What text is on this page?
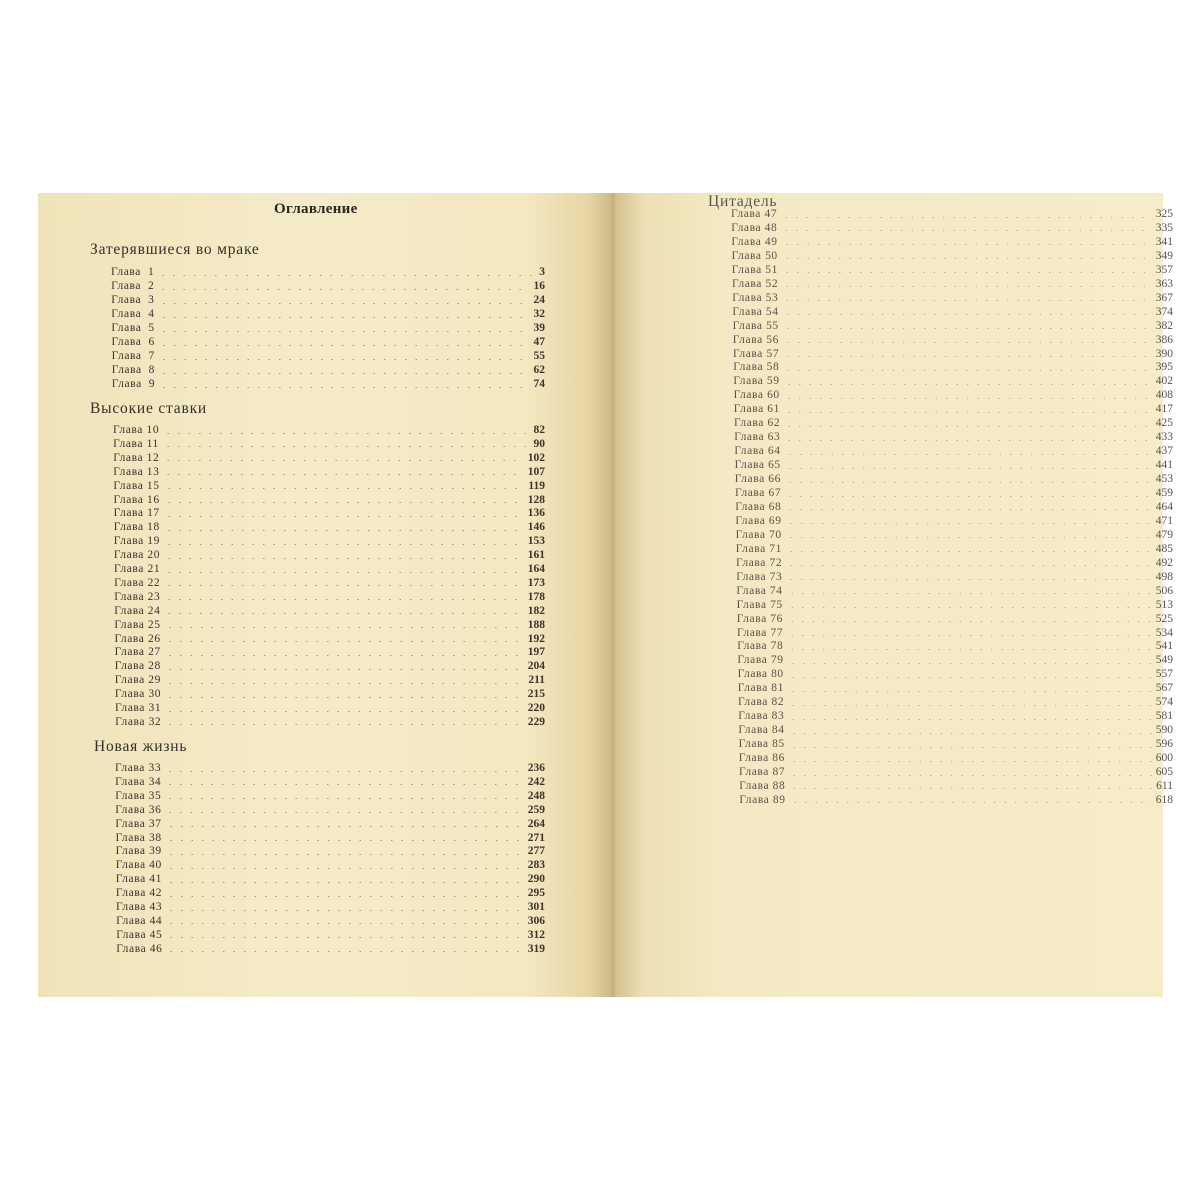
Оглавление
Затерявшиеся во мраке
Глава  1	3
Глава  2	16
Глава  3	24
Глава  4	32
Глава  5	39
Глава  6	47
Глава  7	55
Глава  8	62
Глава  9	74
Высокие ставки
Глава 10	82
Глава 11	90
Глава 12	102
Глава 13	107
Глава 15	119
Глава 16	128
Глава 17	136
Глава 18	146
Глава 19	153
Глава 20	161
Глава 21	164
Глава 22	173
Глава 23	178
Глава 24	182
Глава 25	188
Глава 26	192
Глава 27	197
Глава 28	204
Глава 29	211
Глава 30	215
Глава 31	220
Глава 32	229
Новая жизнь
Глава 33	236
Глава 34	242
Глава 35	248
Глава 36	259
Глава 37	264
Глава 38	271
Глава 39	277
Глава 40	283
Глава 41	290
Глава 42	295
Глава 43	301
Глава 44	306
Глава 45	312
Глава 46	319
Цитадель
Глава 47	325
Глава 48	335
Глава 49	341
Глава 50	349
Глава 51	357
Глава 52	363
Глава 53	367
Глава 54	374
Глава 55	382
Глава 56	386
Глава 57	390
Глава 58	395
Глава 59	402
Глава 60	408
Глава 61	417
Глава 62	425
Глава 63	433
Глава 64	437
Глава 65	441
Глава 66	453
Глава 67	459
Глава 68	464
Глава 69	471
Глава 70	479
Глава 71	485
Глава 72	492
Глава 73	498
Глава 74	506
Глава 75	513
Глава 76	525
Глава 77	534
Глава 78	541
Глава 79	549
Глава 80	557
Глава 81	567
Глава 82	574
Глава 83	581
Глава 84	590
Глава 85	596
Глава 86	600
Глава 87	605
Глава 88	611
Глава 89	618
